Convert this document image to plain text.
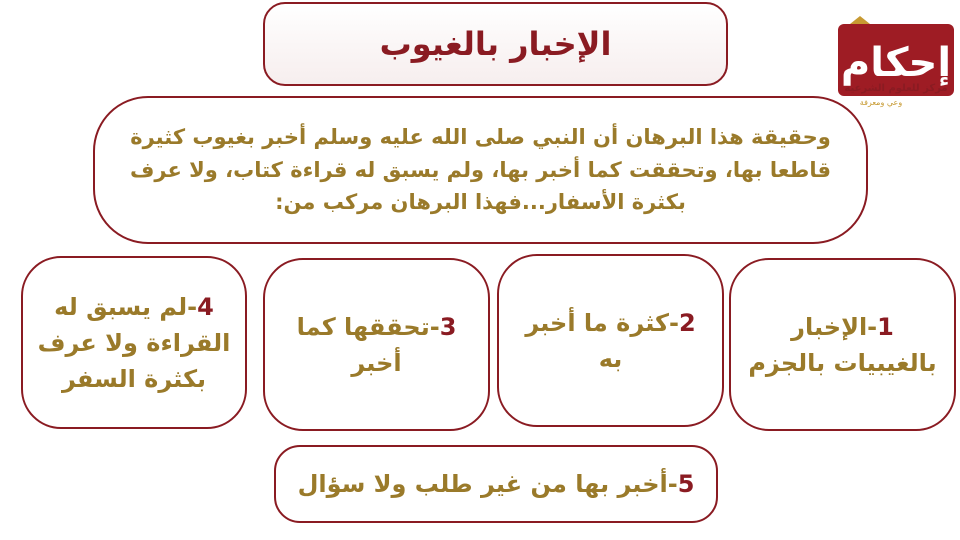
الإخبار بالغيوب
وحقيقة هذا البرهان أن النبي صلى الله عليه وسلم أخبر بغيوب كثيرة قاطعا بها، وتحققت كما أخبر بها، ولم يسبق له قراءة كتاب، ولا عرف بكثرة الأسفار...فهذا البرهان مركب من:
1-الإخبار بالغيبيات بالجزم
2-كثرة ما أخبر به
3-تحققها كما أخبر
4-لم يسبق له القراءة ولا عرف بكثرة السفر
5-أخبر بها من غير طلب ولا سؤال
إحكام
مركز للعلوم الشرعية
وعي ومعرفة
